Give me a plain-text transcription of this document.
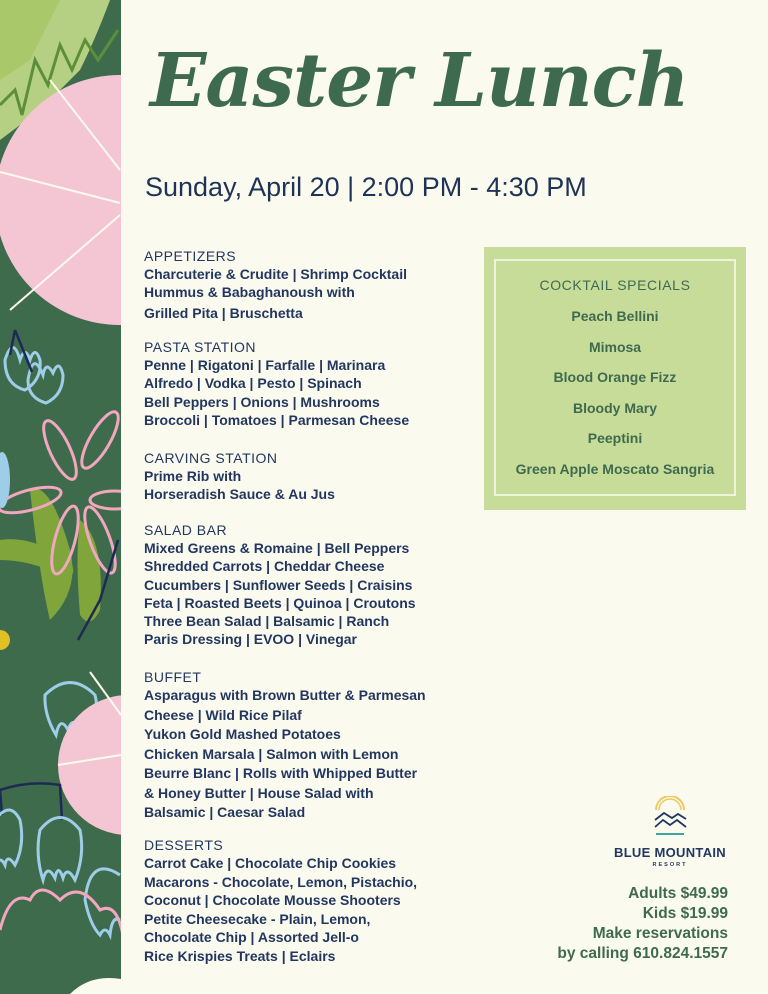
Easter Lunch
Sunday, April 20 | 2:00 PM - 4:30 PM
APPETIZERS
Charcuterie & Crudite | Shrimp Cocktail
Hummus & Babaghanoush with
Grilled Pita | Bruschetta
PASTA STATION
Penne | Rigatoni | Farfalle | Marinara
Alfredo | Vodka | Pesto | Spinach
Bell Peppers | Onions | Mushrooms
Broccoli | Tomatoes | Parmesan Cheese
CARVING STATION
Prime Rib with
Horseradish Sauce & Au Jus
SALAD BAR
Mixed Greens & Romaine | Bell Peppers
Shredded Carrots | Cheddar Cheese
Cucumbers | Sunflower Seeds | Craisins
Feta | Roasted Beets | Quinoa | Croutons
Three Bean Salad | Balsamic | Ranch
Paris Dressing | EVOO | Vinegar
BUFFET
Asparagus with Brown Butter & Parmesan
Cheese | Wild Rice Pilaf
Yukon Gold Mashed Potatoes
Chicken Marsala | Salmon with Lemon
Beurre Blanc | Rolls with Whipped Butter
& Honey Butter | House Salad with
Balsamic | Caesar Salad
DESSERTS
Carrot Cake | Chocolate Chip Cookies
Macarons - Chocolate, Lemon, Pistachio,
Coconut | Chocolate Mousse Shooters
Petite Cheesecake - Plain, Lemon,
Chocolate Chip | Assorted Jell-o
Rice Krispies Treats | Eclairs
COCKTAIL SPECIALS
Peach Bellini
Mimosa
Blood Orange Fizz
Bloody Mary
Peeptini
Green Apple Moscato Sangria
BLUE MOUNTAIN
RESORT
Adults $49.99
Kids $19.99
Make reservations
by calling 610.824.1557
